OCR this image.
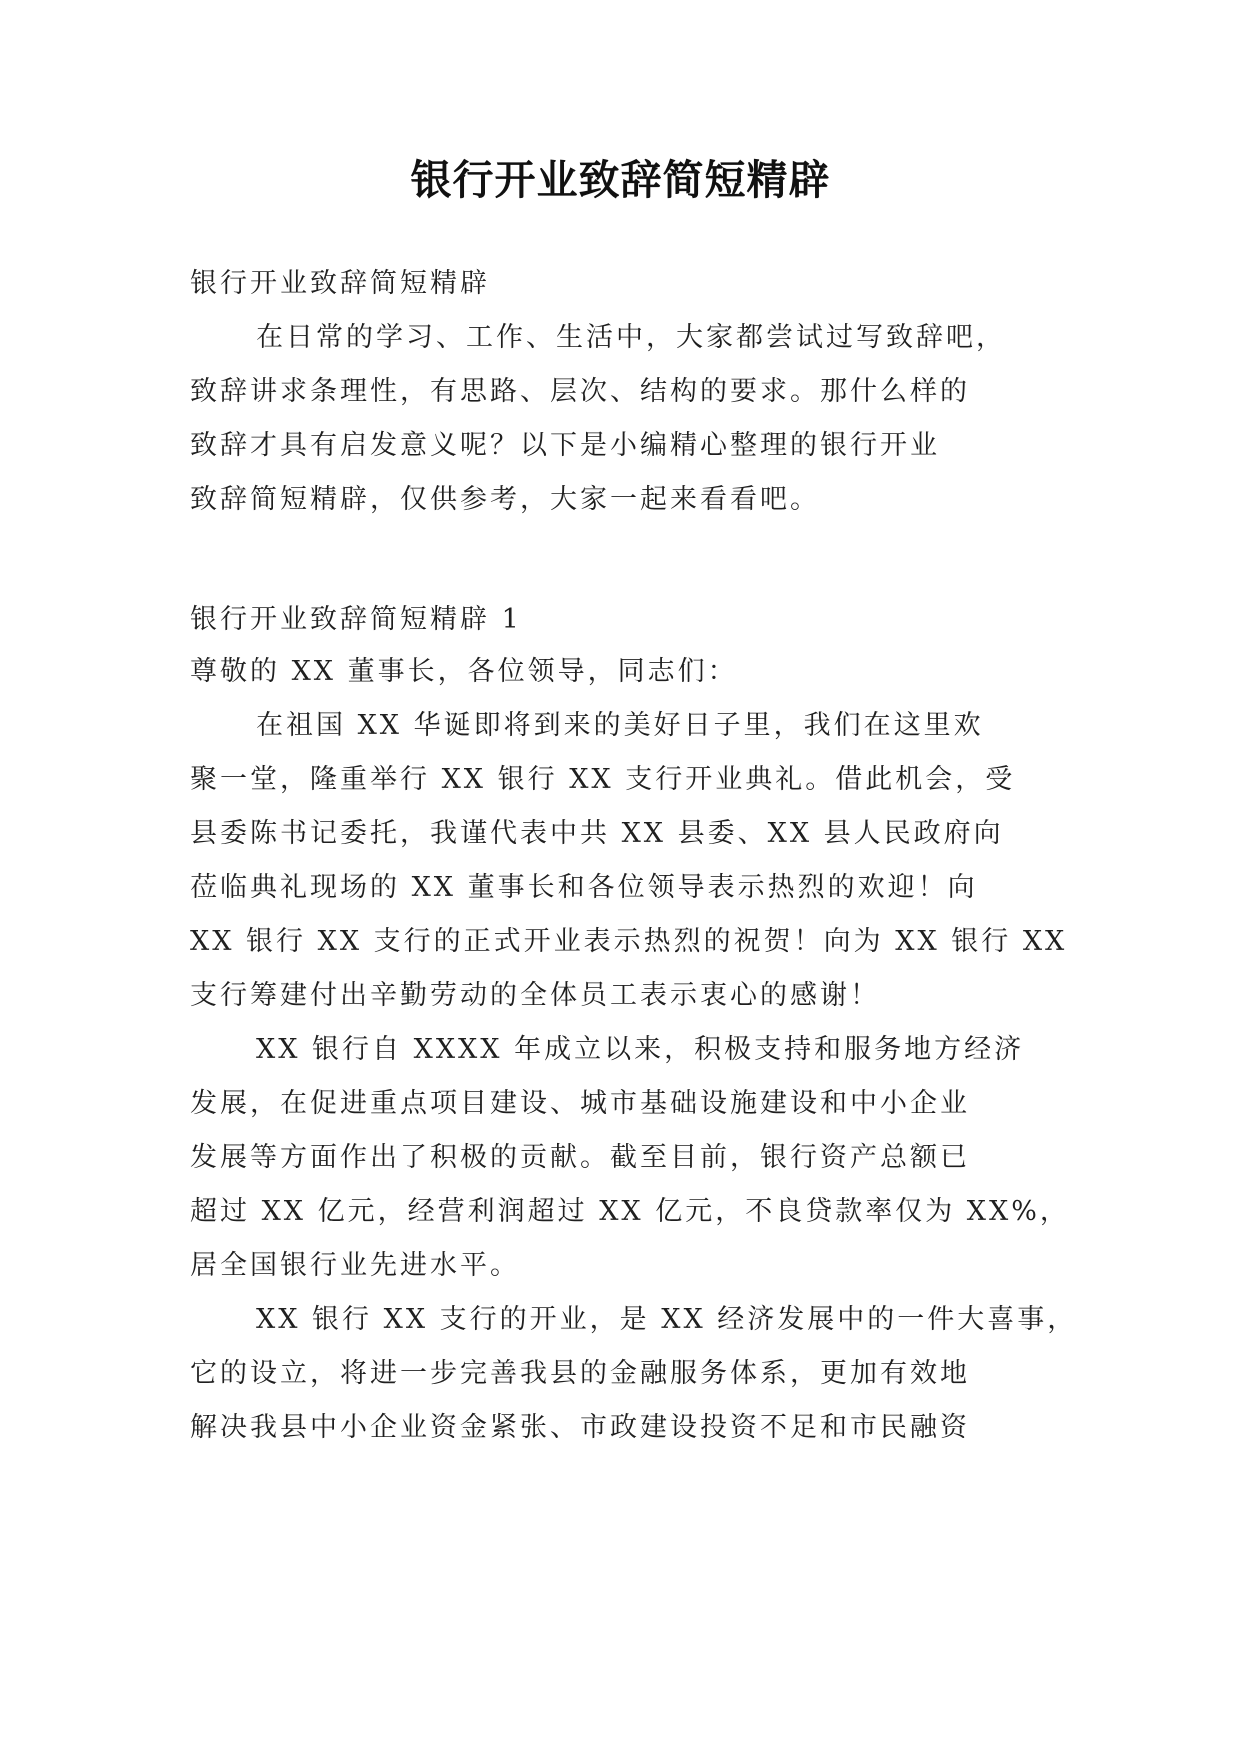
银行开业致辞简短精辟
银行开业致辞简短精辟
在日常的学习、工作、生活中，大家都尝试过写致辞吧，
致辞讲求条理性，有思路、层次、结构的要求。那什么样的
致辞才具有启发意义呢？以下是小编精心整理的银行开业
致辞简短精辟，仅供参考，大家一起来看看吧。
银行开业致辞简短精辟 1
尊敬的 XX 董事长，各位领导，同志们：
在祖国 XX 华诞即将到来的美好日子里，我们在这里欢
聚一堂，隆重举行 XX 银行 XX 支行开业典礼。借此机会，受
县委陈书记委托，我谨代表中共 XX 县委、XX 县人民政府向
莅临典礼现场的 XX 董事长和各位领导表示热烈的欢迎！向
XX 银行 XX 支行的正式开业表示热烈的祝贺！向为 XX 银行 XX
支行筹建付出辛勤劳动的全体员工表示衷心的感谢！
XX 银行自 XXXX 年成立以来，积极支持和服务地方经济
发展，在促进重点项目建设、城市基础设施建设和中小企业
发展等方面作出了积极的贡献。截至目前，银行资产总额已
超过 XX 亿元，经营利润超过 XX 亿元，不良贷款率仅为 XX%，
居全国银行业先进水平。
XX 银行 XX 支行的开业，是 XX 经济发展中的一件大喜事，
它的设立，将进一步完善我县的金融服务体系，更加有效地
解决我县中小企业资金紧张、市政建设投资不足和市民融资
